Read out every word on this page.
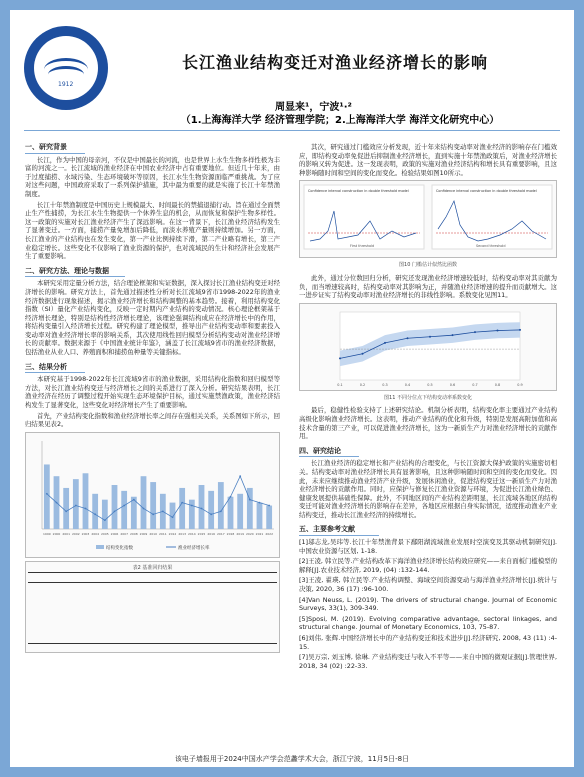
1912
长江渔业结构变迁对渔业经济增长的影响
周显来¹，宁波¹·²
（1.上海海洋大学 经济管理学院；2.上海海洋大学 海洋文化研究中心）
一、研究背景

长江，作为中国的母亲河，不仅是中国最长的河流，也是世界上水生生物多样性极为丰富的河流之一。长江流域的渔业经济在中国农业经济中占有重要地位。但近几十年来，由于过度捕捞、水域污染、生态环境破坏等原因，长江水生生物资源面临严重挑战。为了应对这些问题，中国政府采取了一系列保护措施，其中最为重要的就是实施了长江十年禁渔制度。

长江十年禁渔制度是中国历史上规模最大、时间最长的禁捕退捕行动。旨在通过全面禁止生产性捕捞，为长江水生生物提供一个休养生息的机会，从而恢复和保护生物多样性。这一政策的实施对长江渔业经济产生了深远影响。在这一背景下，长江渔业经济结构发生了显著变迁。一方面，捕捞产量免增加后降低，而淡水养殖产量则持续增加。另一方面，长江渔业的产业结构也在发生变化，第一产业比例持续下滑，第二产业略有增长，第三产业稳定增长。这些变化不仅影响了渔业资源的保护，也对流域民的生计和经济社会发展产生了重要影响。

二、研究方法、理论与数据

本研究采用定量分析方法，结合理论框架和实证数据，深入探讨长江渔业结构变迁对经济增长的影响。研究方法上，首先通过描述性分析对长江流域9省市1998-2022年的渔业经济数据进行现象描述，揭示渔业经济增长和结构调整的基本趋势。接着，利用结构变化指数（SI）量化产业结构变化，反映一定时期内产业结构的变动情况。核心理论框架基于经济增长理论，特别是结构性经济增长理论，该理论强调结构成应在经济增长中的作用，将结构变量引入经济增长过程。研究构建了理论模型，推导出产业结构变动率和要素投入变动率对渔业经济增长率的影响关系，其次使用线性回归模型分析结构变动对渔业经济增长的贡献率。数据来源于《中国渔业统计年鉴》，涵盖了长江流域9省市的渔业经济数据，包括渔业从业人口、养殖面积和捕捞鱼种量等关键指标。

三、结果分析

本研究基于1998-2022年长江流域9省市的渔业数据，采用结构化指数和回归模型等方法，对长江渔业结构变迁与经济增长之间的关系进行了深入分析。研究结果表明，长江渔业经济在经历了调整过程开始实现生态环境保护目标，通过实施禁渔政策，渔业经济结构发生了显著变化，这些变化对经济增长产生了重要影响。

首先，产业结构变化指数和渔业经济增长率之间存在强相关关系，关系图如下所示，回归结果见表2。

1999 2000 2001 2002 2003 2004 2005 2006 2007 2008 2009 2010 2011 2012 2013 2014 2015 2016 2017 2018 2019 2020 2021 2022
结构变化指数	渔业经济增长率
表2 基准回归结果

其次，研究通过门槛效应分析发现，近十年来结构变动率对渔业经济的影响存在门槛效应，即结构变动率免促进后抑制渔业经济增长，直到实施十年禁渔政策后，对渔业经济增长的影响又转为促进。这一发现表明，政策的实施对渔业经济结构和增长具有重要影响，且这种影响随时间和空间的变化而变化。检验结果如图10所示。

Confidence interval construction in double threshold model	Confidence interval construction in double threshold model
First threshold	Second threshold
图10 门槛估计似然比函数

此外，通过分位数回归分析，研究还发现渔业经济增速较低时，结构变动率对其贡献为负，而当增速较高时，结构变动率对其影响为正，并随渔业经济增速的提升而贡献增大。这一进步证实了结构变动率对渔业经济增长的非线性影响。系数变化见图11。

0.1	0.2	0.3	0.4	0.5	0.6	0.7	0.8	0.9
图11 不同分位点下结构变动率系数变化

最后，稳健性检验支持了上述研究结论。机制分析表明，结构变化率主要通过产业结构高级化影响渔业经济增长。这表明，推动产业结构的优化和升级，特别是发展高附加值和高技术含量的第三产业，可以促进渔业经济增长，这为一新质生产力对渔业经济增长的贡献作用。

四、研究结论

长江渔业经济的稳定增长和产业结构的合理变化，与长江资源大保护政策的实施密切相关。结构变动率对渔业经济增长具有显著影响，且这种影响随时间和空间的变化而变化。因此，未来应继续推动渔业经济产业升级，发展休闲渔业，促进结构变迁这一新质生产力对渔业经济增长的贡献作用。同时，应保护与修复长江渔业资源与环境，为促进长江渔业绿色、健康发展提供基础性保障。此外，不同地区间的产业结构差距明显，长江流域各地区的结构变迁可能对渔业经济增长的影响存在差异，各地区应根据自身实际情况，适度推动渔业产业结构变迁，推动长江渔业经济的持续增长。

五、主要参考文献

[1]邬志龙,吴玮等.长江十年禁渔背景下鄱阳湖流域渔业发展时空演变及其驱动机制研究[J].中国农业资源与区划, 1-18.

[2]王凌, 韩立民等.产业结构改革下海洋渔业经济增长结构效应研究——来自面板门槛模型的解释[J].农业技术经济, 2019, (04) :132-144.

[3]王凌, 翟瑛, 韩立民等.产业结构调整、海域空间资源变动与海洋渔业经济增长[J].统计与决策, 2020, 36 (17) :96-100.

[4]Van Neuss, L. (2019). The drivers of structural change. Journal of Economic Surveys, 33(1), 309-349.

[5]Sposi, M. (2019). Evolving comparative advantage, sectoral linkages, and structural change. Journal of Monetary Economics, 103, 75-87.

[6]刘伟, 张辉.中国经济增长中的产业结构变迁和技术进步[J].经济研究, 2008, 43 (11) :4-15.

[7]吴万宗, 刘玉博, 徐琳. 产业结构变迁与收入不平等——来自中国的微观证据[J].管理世界, 2018, 34 (02) :22-33.

该电子墙报用于2024中国水产学会范蠡学术大会，浙江宁波，11月5日-8日
